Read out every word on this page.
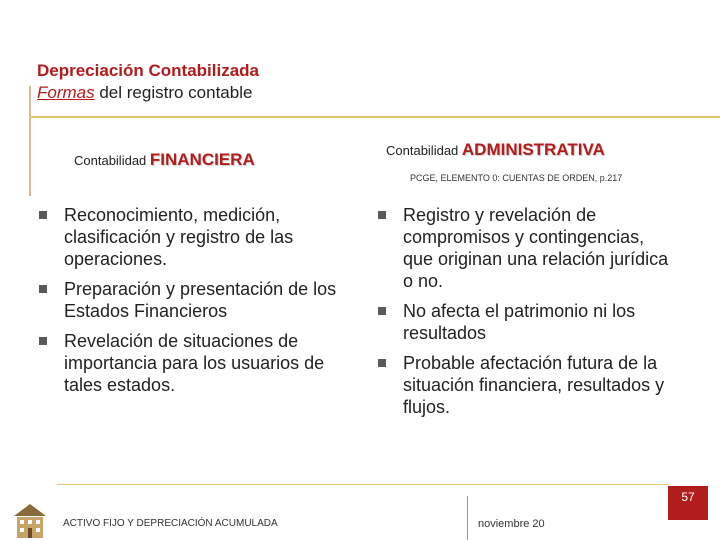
Depreciación Contabilizada
Formas del registro contable
Contabilidad FINANCIERA	Contabilidad ADMINISTRATIVA
PCGE, ELEMENTO 0: CUENTAS DE ORDEN, p.217
Reconocimiento, medición, clasificación y registro de las operaciones.
Preparación y presentación de los Estados Financieros
Revelación de situaciones de importancia para los usuarios de tales estados.
Registro y revelación de compromisos y contingencias, que originan una relación jurídica o no.
No afecta el patrimonio ni los resultados
Probable afectación futura de la situación financiera, resultados y flujos.
ACTIVO FIJO Y DEPRECIACIÓN ACUMULADA	noviembre 20
57
